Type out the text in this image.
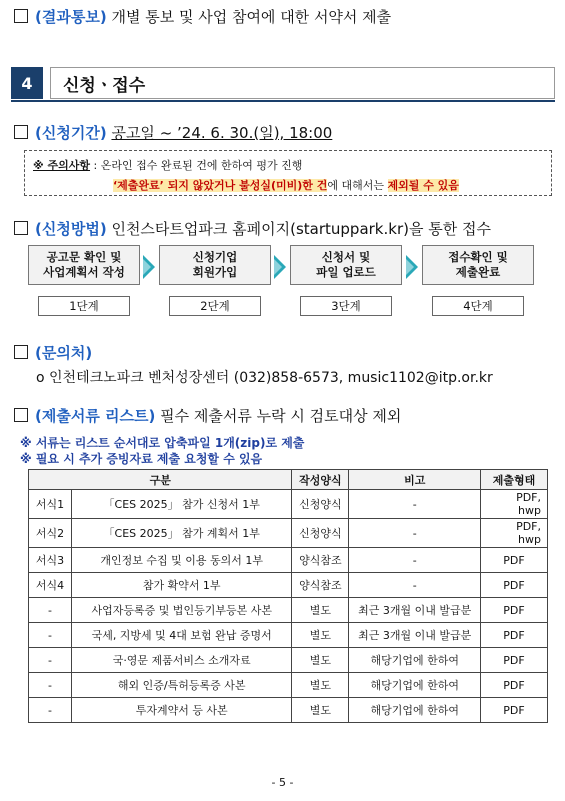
(결과통보) 개별 통보 및 사업 참여에 대한 서약서 제출
4	신청ㆍ접수
(신청기간) 공고일 ~ ’24. 6. 30.(일), 18:00
※ 주의사항 : 온라인 접수 완료된 건에 한하여 평가 진행
‘제출완료’ 되지 않았거나 불성실(미비)한 건에 대해서는 제외될 수 있음
(신청방법) 인천스타트업파크 홈페이지(startuppark.kr)을 통한 접수
공고문 확인 및
사업계획서 작성
신청기업
회원가입
신청서 및
파일 업로드
접수확인 및
제출완료
1단계	2단계	3단계	4단계
(문의처)
o 인천테크노파크 벤처성장센터 (032)858-6573, music1102@itp.or.kr
(제출서류 리스트) 필수 제출서류 누락 시 검토대상 제외
※ 서류는 리스트 순서대로 압축파일 1개(zip)로 제출
※ 필요 시 추가 증빙자료 제출 요청할 수 있음
구분		작성양식	비고	제출형태
서식1	「CES 2025」 참가 신청서 1부	신청양식	-	PDF,
hwp
서식2	「CES 2025」 참가 계획서 1부	신청양식	-	PDF,
hwp
서식3	개인정보 수집 및 이용 동의서 1부	양식참조	-	PDF
서식4	참가 확약서 1부	양식참조	-	PDF
-	사업자등록증 및 법인등기부등본 사본	별도	최근 3개월 이내 발급분	PDF
-	국세, 지방세 및 4대 보험 완납 증명서	별도	최근 3개월 이내 발급분	PDF
-	국·영문 제품서비스 소개자료	별도	해당기업에 한하여	PDF
-	해외 인증/특허등록증 사본	별도	해당기업에 한하여	PDF
-	투자계약서 등 사본	별도	해당기업에 한하여	PDF
- 5 -
